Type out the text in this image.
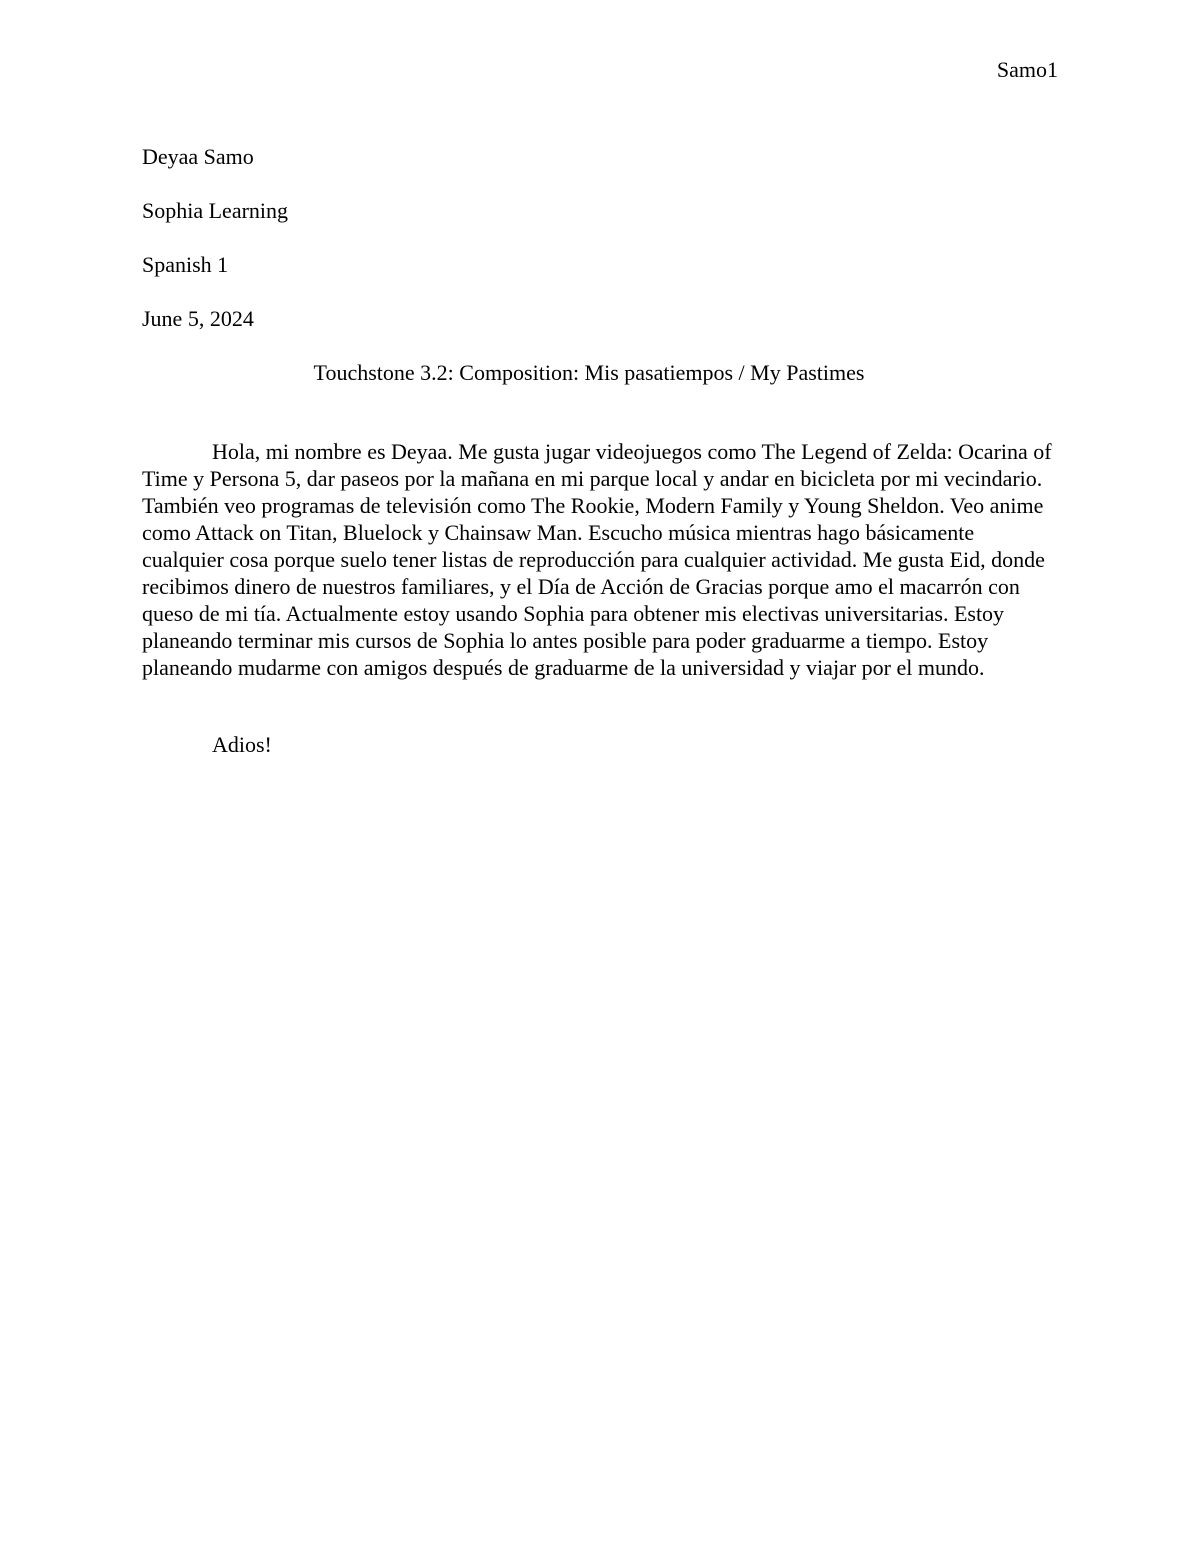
Samo1
Deyaa Samo
Sophia Learning
Spanish 1
June 5, 2024
Touchstone 3.2: Composition: Mis pasatiempos / My Pastimes

Hola, mi nombre es Deyaa. Me gusta jugar videojuegos como The Legend of Zelda: Ocarina of Time y Persona 5, dar paseos por la mañana en mi parque local y andar en bicicleta por mi vecindario. También veo programas de televisión como The Rookie, Modern Family y Young Sheldon. Veo anime como Attack on Titan, Bluelock y Chainsaw Man. Escucho música mientras hago básicamente cualquier cosa porque suelo tener listas de reproducción para cualquier actividad. Me gusta Eid, donde recibimos dinero de nuestros familiares, y el Día de Acción de Gracias porque amo el macarrón con queso de mi tía. Actualmente estoy usando Sophia para obtener mis electivas universitarias. Estoy planeando terminar mis cursos de Sophia lo antes posible para poder graduarme a tiempo. Estoy planeando mudarme con amigos después de graduarme de la universidad y viajar por el mundo.

Adios!
